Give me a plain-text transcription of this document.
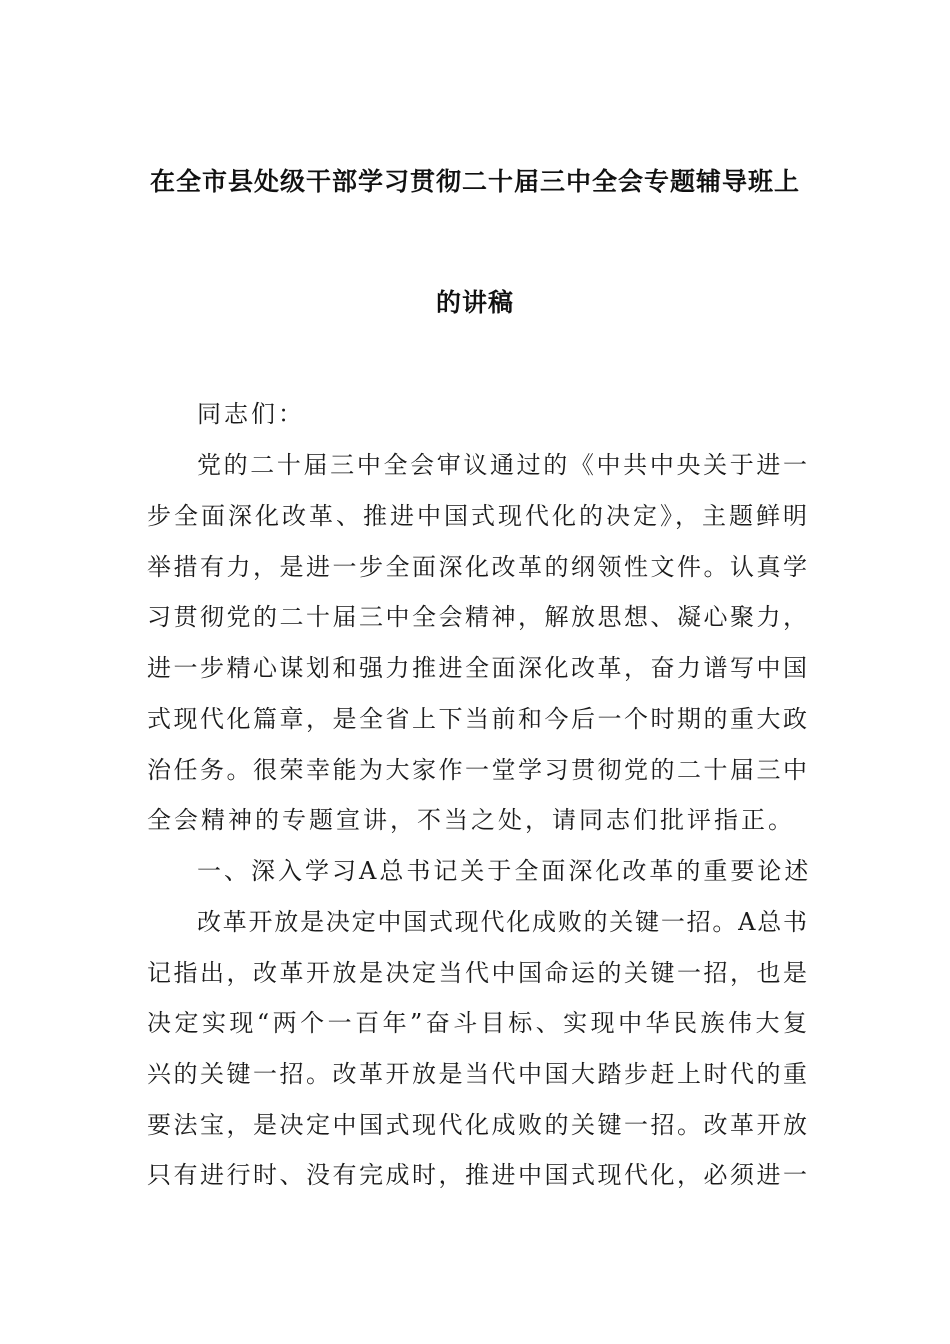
在全市县处级干部学习贯彻二十届三中全会专题辅导班上
的讲稿
同志们：
党的二十届三中全会审议通过的《中共中央关于进一
步全面深化改革、推进中国式现代化的决定》，主题鲜明
举措有力，是进一步全面深化改革的纲领性文件。认真学
习贯彻党的二十届三中全会精神，解放思想、凝心聚力，
进一步精心谋划和强力推进全面深化改革，奋力谱写中国
式现代化篇章，是全省上下当前和今后一个时期的重大政
治任务。很荣幸能为大家作一堂学习贯彻党的二十届三中
全会精神的专题宣讲，不当之处，请同志们批评指正。
一、深入学习A总书记关于全面深化改革的重要论述
改革开放是决定中国式现代化成败的关键一招。A总书
记指出，改革开放是决定当代中国命运的关键一招，也是
决定实现“两个一百年”奋斗目标、实现中华民族伟大复
兴的关键一招。改革开放是当代中国大踏步赶上时代的重
要法宝，是决定中国式现代化成败的关键一招。改革开放
只有进行时、没有完成时，推进中国式现代化，必须进一
